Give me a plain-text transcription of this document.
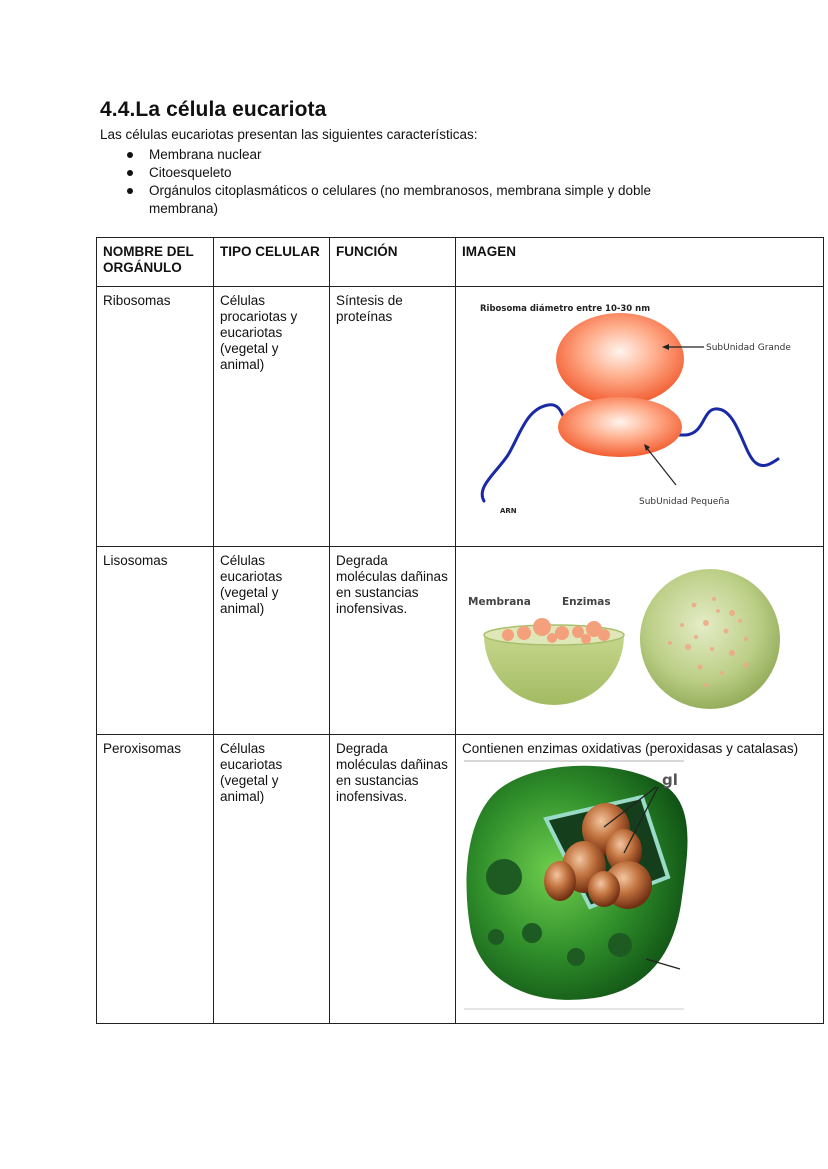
4.4.La célula eucariota
Las células eucariotas presentan las siguientes características:
Membrana nuclear
Citoesqueleto
Orgánulos citoplasmáticos o celulares (no membranosos, membrana simple y doble membrana)
NOMBRE DEL ORGÁNULO	TIPO CELULAR	FUNCIÓN	IMAGEN
Ribosomas	Células procariotas y eucariotas (vegetal y animal)	Síntesis de proteínas	Ribosoma diámetro entre 10-30 nm
SubUnidad Grande
SubUnidad Pequeña
ARN

Lisosomas	Células eucariotas (vegetal y animal)	Degrada moléculas dañinas en sustancias inofensivas.	Membrana Enzimas

Peroxisomas	Células eucariotas (vegetal y animal)	Degrada moléculas dañinas en sustancias inofensivas.	Contienen enzimas oxidativas (peroxidasas y catalasas)
gl
